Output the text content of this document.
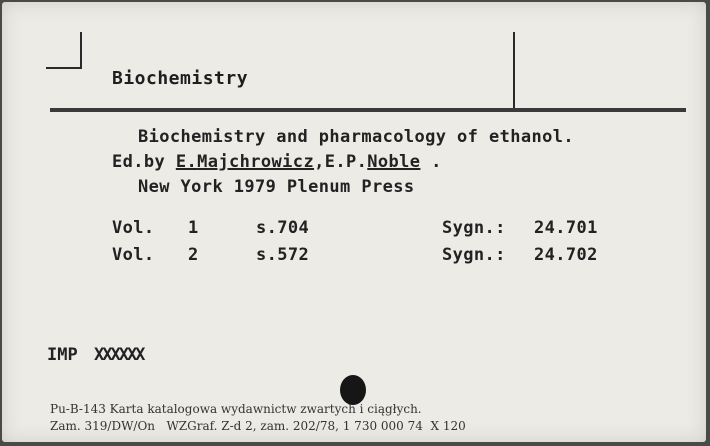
Biochemistry
Biochemistry and pharmacology of ethanol.
Ed.by E.Majchrowicz,E.P.Noble .
New York 1979 Plenum Press
Vol. 1	s.704	Sygn.: 24.701
Vol. 2	s.572	Sygn.: 24.702
IMP XXXXXX
Pu-B-143 Karta katalogowa wydawnictw zwartych i ciągłych.
Zam. 319/DW/On   WZGraf. Z-d 2, zam. 202/78, 1 730 000 74  X 120
